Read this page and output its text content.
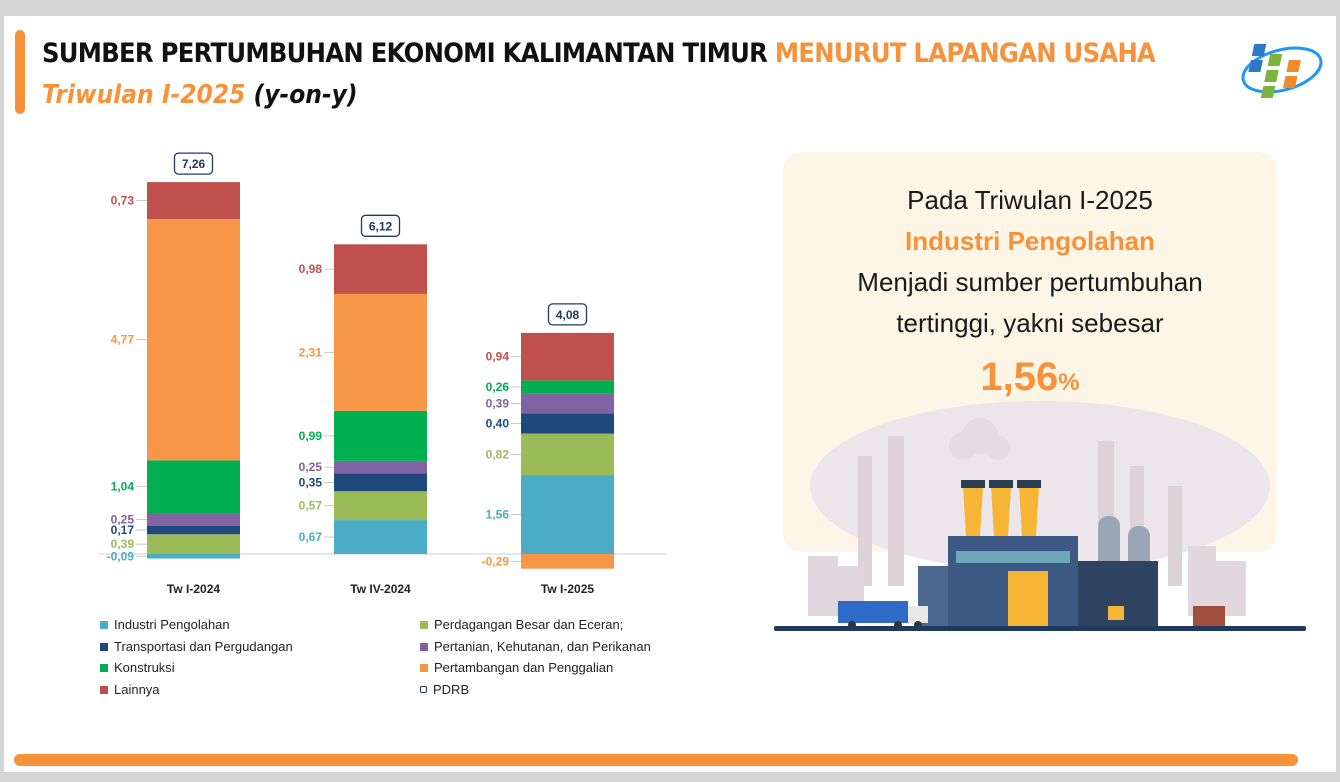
SUMBER PERTUMBUHAN EKONOMI KALIMANTAN TIMUR MENURUT LAPANGAN USAHA
Triwulan I-2025 (y-on-y)
-0,09
0,39
0,17
0,25
1,04
4,77
0,73
7,26
Tw I-2024
0,67
0,57
0,35
0,25
0,99
2,31
0,98
6,12
Tw IV-2024
1,56
0,82
0,40
0,39
0,26
-0,29
0,94
4,08
Tw I-2025
Industri Pengolahan	Perdagangan Besar dan Eceran;
Transportasi dan Pergudangan	Pertanian, Kehutanan, dan Perikanan
Konstruksi	Pertambangan dan Penggalian
Lainnya	PDRB
Pada Triwulan I-2025
Industri Pengolahan
Menjadi sumber pertumbuhan
tertinggi, yakni sebesar
1,56%
